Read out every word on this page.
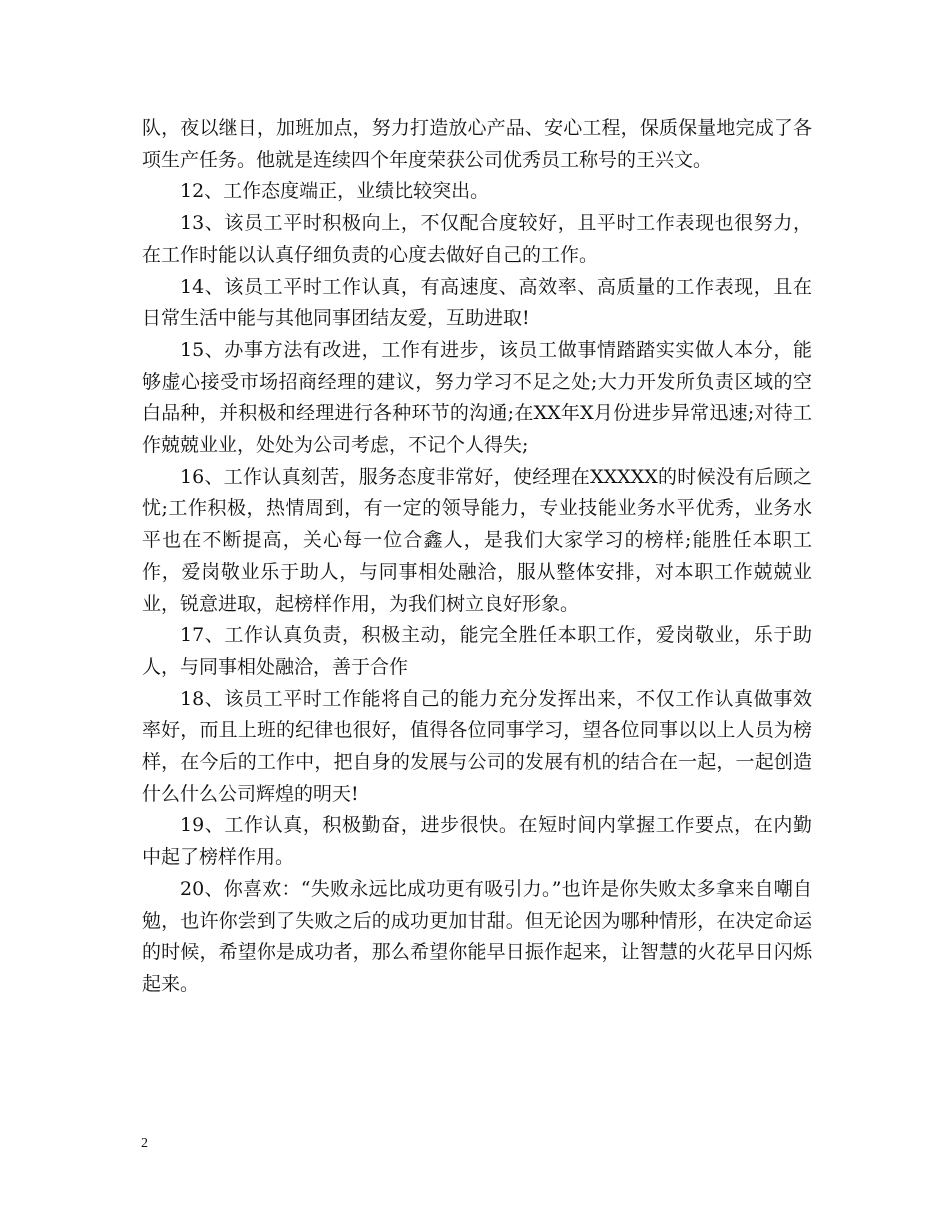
队，夜以继日，加班加点，努力打造放心产品、安心工程，保质保量地完成了各项生产任务。他就是连续四个年度荣获公司优秀员工称号的王兴文。

12、工作态度端正，业绩比较突出。

13、该员工平时积极向上，不仅配合度较好，且平时工作表现也很努力，在工作时能以认真仔细负责的心度去做好自己的工作。

14、该员工平时工作认真，有高速度、高效率、高质量的工作表现，且在日常生活中能与其他同事团结友爱，互助进取!

15、办事方法有改进，工作有进步，该员工做事情踏踏实实做人本分，能够虚心接受市场招商经理的建议，努力学习不足之处;大力开发所负责区域的空白品种，并积极和经理进行各种环节的沟通;在XX年X月份进步异常迅速;对待工作兢兢业业，处处为公司考虑，不记个人得失;

16、工作认真刻苦，服务态度非常好，使经理在XXXXX的时候没有后顾之忧;工作积极，热情周到，有一定的领导能力，专业技能业务水平优秀，业务水平也在不断提高，关心每一位合鑫人，是我们大家学习的榜样;能胜任本职工作，爱岗敬业乐于助人，与同事相处融洽，服从整体安排，对本职工作兢兢业业，锐意进取，起榜样作用，为我们树立良好形象。

17、工作认真负责，积极主动，能完全胜任本职工作，爱岗敬业，乐于助人，与同事相处融洽，善于合作

18、该员工平时工作能将自己的能力充分发挥出来，不仅工作认真做事效率好，而且上班的纪律也很好，值得各位同事学习，望各位同事以以上人员为榜样，在今后的工作中，把自身的发展与公司的发展有机的结合在一起，一起创造什么什么公司辉煌的明天!

19、工作认真，积极勤奋，进步很快。在短时间内掌握工作要点，在内勤中起了榜样作用。

20、你喜欢：“失败永远比成功更有吸引力。”也许是你失败太多拿来自嘲自勉，也许你尝到了失败之后的成功更加甘甜。但无论因为哪种情形，在决定命运的时候，希望你是成功者，那么希望你能早日振作起来，让智慧的火花早日闪烁起来。

2
